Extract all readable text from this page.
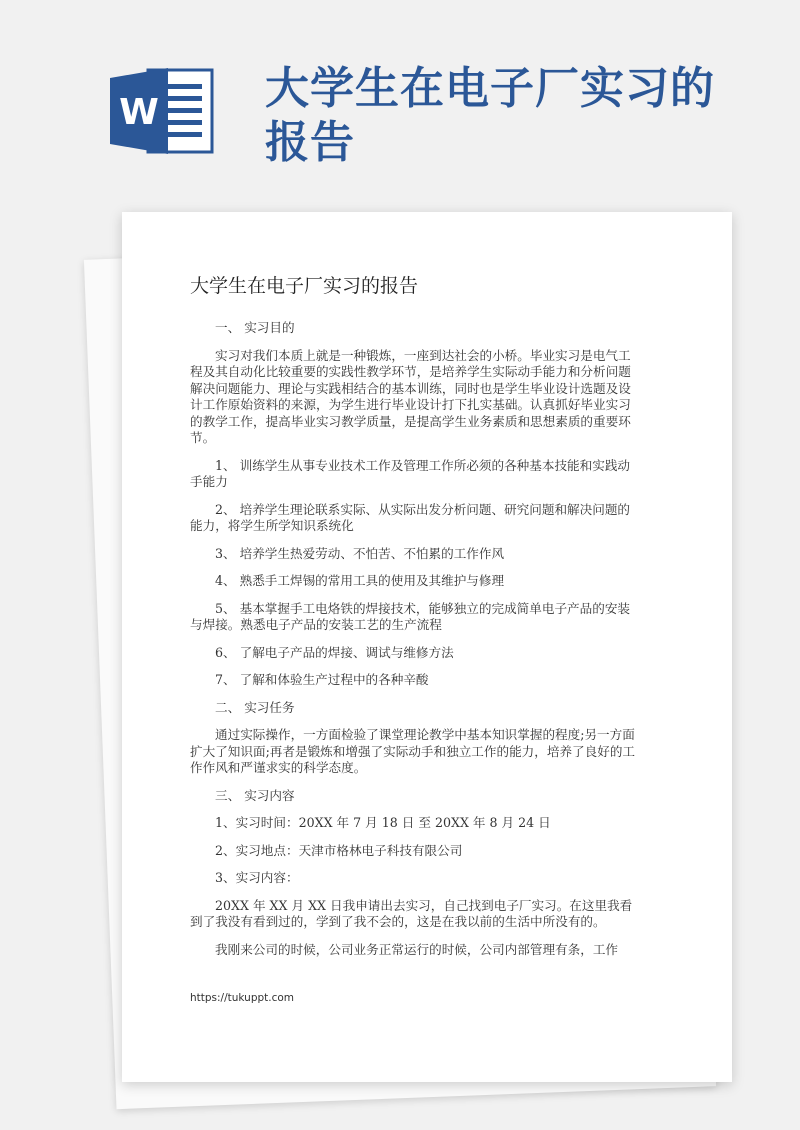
W 大学生在电子厂实习的
报告
大学生在电子厂实习的报告

一、 实习目的

实习对我们本质上就是一种锻炼，一座到达社会的小桥。毕业实习是电气工程及其自动化比较重要的实践性教学环节，是培养学生实际动手能力和分析问题解决问题能力、理论与实践相结合的基本训练，同时也是学生毕业设计选题及设计工作原始资料的来源，为学生进行毕业设计打下扎实基础。认真抓好毕业实习的教学工作，提高毕业实习教学质量，是提高学生业务素质和思想素质的重要环节。

1、 训练学生从事专业技术工作及管理工作所必须的各种基本技能和实践动手能力

2、 培养学生理论联系实际、从实际出发分析问题、研究问题和解决问题的能力，将学生所学知识系统化

3、 培养学生热爱劳动、不怕苦、不怕累的工作作风

4、 熟悉手工焊锡的常用工具的使用及其维护与修理

5、 基本掌握手工电烙铁的焊接技术，能够独立的完成简单电子产品的安装与焊接。熟悉电子产品的安装工艺的生产流程

6、 了解电子产品的焊接、调试与维修方法

7、 了解和体验生产过程中的各种辛酸

二、 实习任务

通过实际操作，一方面检验了课堂理论教学中基本知识掌握的程度;另一方面扩大了知识面;再者是锻炼和增强了实际动手和独立工作的能力，培养了良好的工作作风和严谨求实的科学态度。

三、 实习内容

1、实习时间：20XX 年 7 月 18 日 至 20XX 年 8 月 24 日

2、实习地点：天津市格林电子科技有限公司

3、实习内容：

20XX 年 XX 月 XX 日我申请出去实习，自己找到电子厂实习。在这里我看到了我没有看到过的，学到了我不会的，这是在我以前的生活中所没有的。

我刚来公司的时候，公司业务正常运行的时候，公司内部管理有条，工作

https://tukuppt.com
